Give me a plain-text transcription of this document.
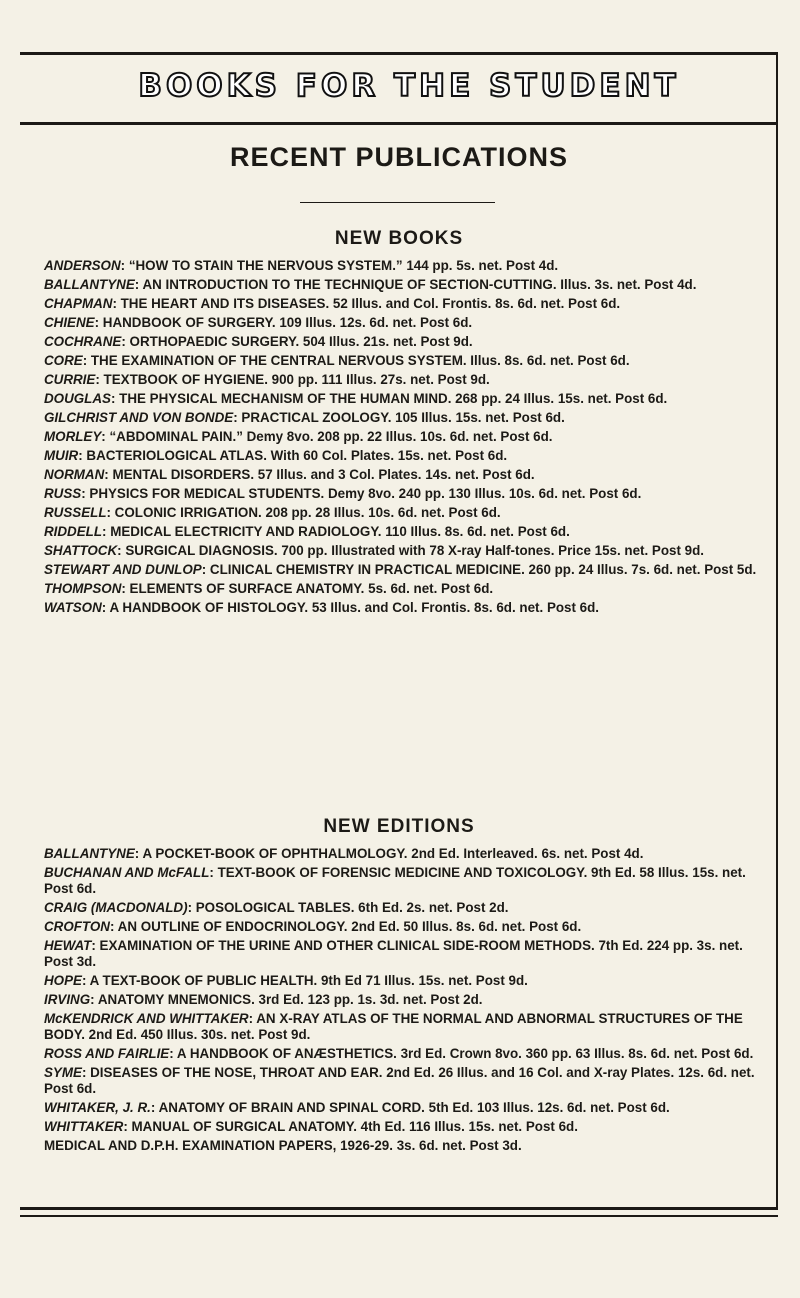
BOOKS FOR THE STUDENT
RECENT PUBLICATIONS
NEW BOOKS
ANDERSON: “HOW TO STAIN THE NERVOUS SYSTEM.” 144 pp. 5s. net. Post 4d.
BALLANTYNE: AN INTRODUCTION TO THE TECHNIQUE OF SECTION-CUTTING. Illus. 3s. net. Post 4d.
CHAPMAN: THE HEART AND ITS DISEASES. 52 Illus. and Col. Frontis. 8s. 6d. net. Post 6d.
CHIENE: HANDBOOK OF SURGERY. 109 Illus. 12s. 6d. net. Post 6d.
COCHRANE: ORTHOPAEDIC SURGERY. 504 Illus. 21s. net. Post 9d.
CORE: THE EXAMINATION OF THE CENTRAL NERVOUS SYSTEM. Illus. 8s. 6d. net. Post 6d.
CURRIE: TEXTBOOK OF HYGIENE. 900 pp. 111 Illus. 27s. net. Post 9d.
DOUGLAS: THE PHYSICAL MECHANISM OF THE HUMAN MIND. 268 pp. 24 Illus. 15s. net. Post 6d.
GILCHRIST AND VON BONDE: PRACTICAL ZOOLOGY. 105 Illus. 15s. net. Post 6d.
MORLEY: “ABDOMINAL PAIN.” Demy 8vo. 208 pp. 22 Illus. 10s. 6d. net. Post 6d.
MUIR: BACTERIOLOGICAL ATLAS. With 60 Col. Plates. 15s. net. Post 6d.
NORMAN: MENTAL DISORDERS. 57 Illus. and 3 Col. Plates. 14s. net. Post 6d.
RUSS: PHYSICS FOR MEDICAL STUDENTS. Demy 8vo. 240 pp. 130 Illus. 10s. 6d. net. Post 6d.
RUSSELL: COLONIC IRRIGATION. 208 pp. 28 Illus. 10s. 6d. net. Post 6d.
RIDDELL: MEDICAL ELECTRICITY AND RADIOLOGY. 110 Illus. 8s. 6d. net. Post 6d.
SHATTOCK: SURGICAL DIAGNOSIS. 700 pp. Illustrated with 78 X-ray Half-tones. Price 15s. net. Post 9d.
STEWART AND DUNLOP: CLINICAL CHEMISTRY IN PRACTICAL MEDICINE. 260 pp. 24 Illus. 7s. 6d. net. Post 5d.
THOMPSON: ELEMENTS OF SURFACE ANATOMY. 5s. 6d. net. Post 6d.
WATSON: A HANDBOOK OF HISTOLOGY. 53 Illus. and Col. Frontis. 8s. 6d. net. Post 6d.
NEW EDITIONS
BALLANTYNE: A POCKET-BOOK OF OPHTHALMOLOGY. 2nd Ed. Interleaved. 6s. net. Post 4d.
BUCHANAN AND McFALL: TEXT-BOOK OF FORENSIC MEDICINE AND TOXICOLOGY. 9th Ed. 58 Illus. 15s. net. Post 6d.
CRAIG (MACDONALD): POSOLOGICAL TABLES. 6th Ed. 2s. net. Post 2d.
CROFTON: AN OUTLINE OF ENDOCRINOLOGY. 2nd Ed. 50 Illus. 8s. 6d. net. Post 6d.
HEWAT: EXAMINATION OF THE URINE AND OTHER CLINICAL SIDE-ROOM METHODS. 7th Ed. 224 pp. 3s. net. Post 3d.
HOPE: A TEXT-BOOK OF PUBLIC HEALTH. 9th Ed 71 Illus. 15s. net. Post 9d.
IRVING: ANATOMY MNEMONICS. 3rd Ed. 123 pp. 1s. 3d. net. Post 2d.
McKENDRICK AND WHITTAKER: AN X-RAY ATLAS OF THE NORMAL AND ABNORMAL STRUCTURES OF THE BODY. 2nd Ed. 450 Illus. 30s. net. Post 9d.
ROSS AND FAIRLIE: A HANDBOOK OF ANÆSTHETICS. 3rd Ed. Crown 8vo. 360 pp. 63 Illus. 8s. 6d. net. Post 6d.
SYME: DISEASES OF THE NOSE, THROAT AND EAR. 2nd Ed. 26 Illus. and 16 Col. and X-ray Plates. 12s. 6d. net. Post 6d.
WHITAKER, J. R.: ANATOMY OF BRAIN AND SPINAL CORD. 5th Ed. 103 Illus. 12s. 6d. net. Post 6d.
WHITTAKER: MANUAL OF SURGICAL ANATOMY. 4th Ed. 116 Illus. 15s. net. Post 6d.
MEDICAL AND D.P.H. EXAMINATION PAPERS, 1926-29. 3s. 6d. net. Post 3d.
